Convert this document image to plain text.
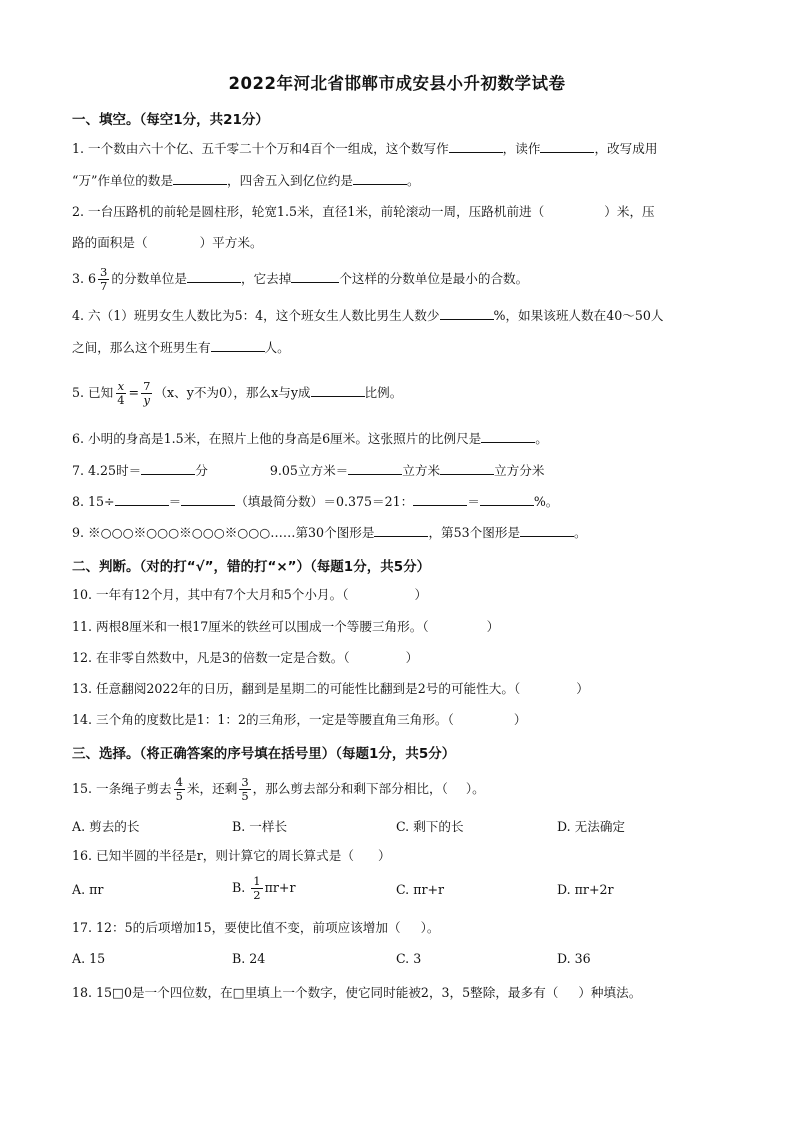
2022年河北省邯郸市成安县小升初数学试卷
一、填空。（每空1分，共21分）
1. 一个数由六十个亿、五千零二十个万和4百个一组成，这个数写作	，读作	，改写成用
“万”作单位的数是	，四舍五入到亿位约是	。
2. 一台压路机的前轮是圆柱形，轮宽1.5米，直径1米，前轮滚动一周，压路机前进（	）米，压
路的面积是（	）平方米。
3. $6 \frac{3}{7}$ 的分数单位是	，它去掉	个这样的分数单位是最小的合数。
4. 六（1）班男女生人数比为5：4，这个班女生人数比男生人数少	%，如果该班人数在40～50人
之间，那么这个班男生有	人。
5. 已知 $\frac{x}{4} = \frac{7}{y} (x$、y不为0），那么x与y成	比例。
6. 小明的身高是1.5米，在照片上他的身高是6厘米。这张照片的比例尺是	。
7. 4.25时＝	分	9.05立方米＝	立方米	立方分米
8. 15÷	＝	（填最简分数）＝0.375＝21：	＝	%。
9. ※○○○※○○○※○○○※○○○……第30个图形是	，第53个图形是	。
二、判断。（对的打“√”，错的打“×”）（每题1分，共5分）
10. 一年有12个月，其中有7个大月和5个小月。（	）
11. 两根8厘米和一根17厘米的铁丝可以围成一个等腰三角形。（	）
12. 在非零自然数中，凡是3的倍数一定是合数。（	）
13. 任意翻阅2022年的日历，翻到是星期二的可能性比翻到是2号的可能性大。（	）
14. 三个角的度数比是1：1：2的三角形，一定是等腰直角三角形。（	）
三、选择。（将正确答案的序号填在括号里）（每题1分，共5分）
15. 一条绳子剪去 $\frac{4}{5}$ 米，还剩 $\frac{3}{5}$ ，那么剪去部分和剩下部分相比，（ ）。
A. 剪去的长	B. 一样长	C. 剩下的长	D. 无法确定
16. 已知半圆的半径是r，则计算它的周长算式是（ ）
A. πr	B. $\frac{1}{2} \pi r+r$	C. πr+r	D. πr+2r
17. 12：5的后项增加15，要使比值不变，前项应该增加（ ）。
A. 15	B. 24	C. 3	D. 36
18. 15□0是一个四位数，在□里填上一个数字，使它同时能被2，3，5整除，最多有（ ）种填法。
